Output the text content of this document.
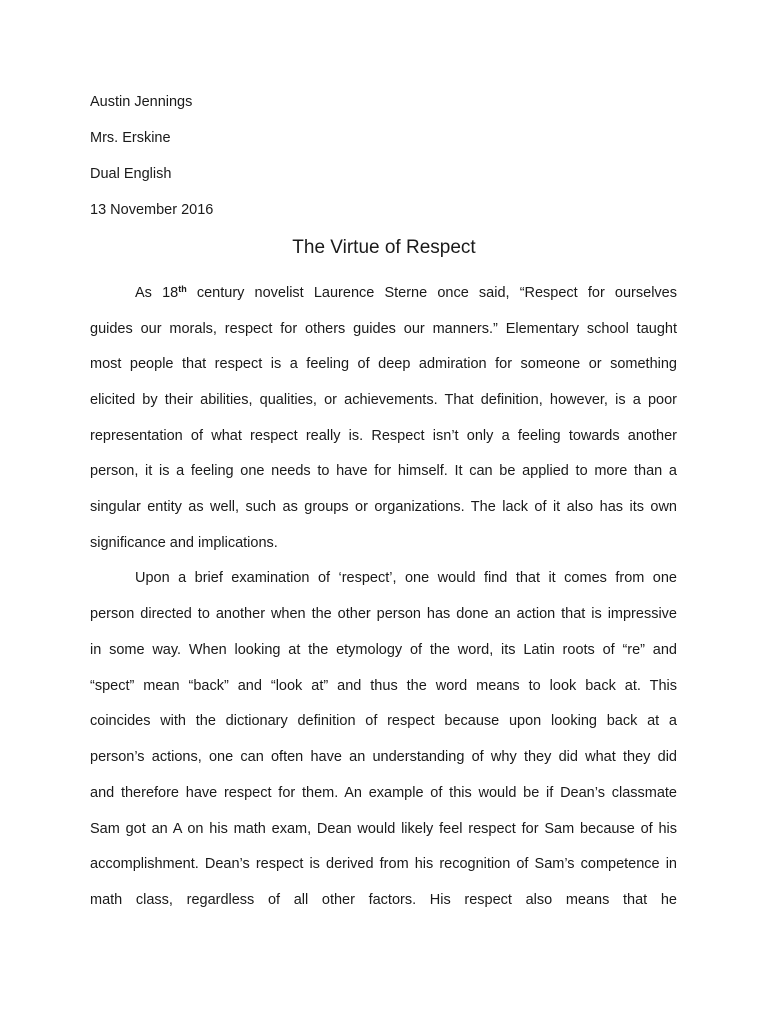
Austin Jennings
Mrs. Erskine
Dual English
13 November 2016
The Virtue of Respect
As 18th century novelist Laurence Sterne once said, “Respect for ourselves
guides our morals, respect for others guides our manners.” Elementary school taught
most people that respect is a feeling of deep admiration for someone or something
elicited by their abilities, qualities, or achievements. That definition, however, is a poor
representation of what respect really is. Respect isn’t only a feeling towards another
person, it is a feeling one needs to have for himself. It can be applied to more than a
singular entity as well, such as groups or organizations. The lack of it also has its own
significance and implications.
Upon a brief examination of ‘respect’, one would find that it comes from one
person directed to another when the other person has done an action that is impressive
in some way. When looking at the etymology of the word, its Latin roots of “re” and
“spect” mean “back” and “look at” and thus the word means to look back at. This
coincides with the dictionary definition of respect because upon looking back at a
person’s actions, one can often have an understanding of why they did what they did
and therefore have respect for them. An example of this would be if Dean’s classmate
Sam got an A on his math exam, Dean would likely feel respect for Sam because of his
accomplishment. Dean’s respect is derived from his recognition of Sam’s competence in
math class, regardless of all other factors. His respect also means that he
